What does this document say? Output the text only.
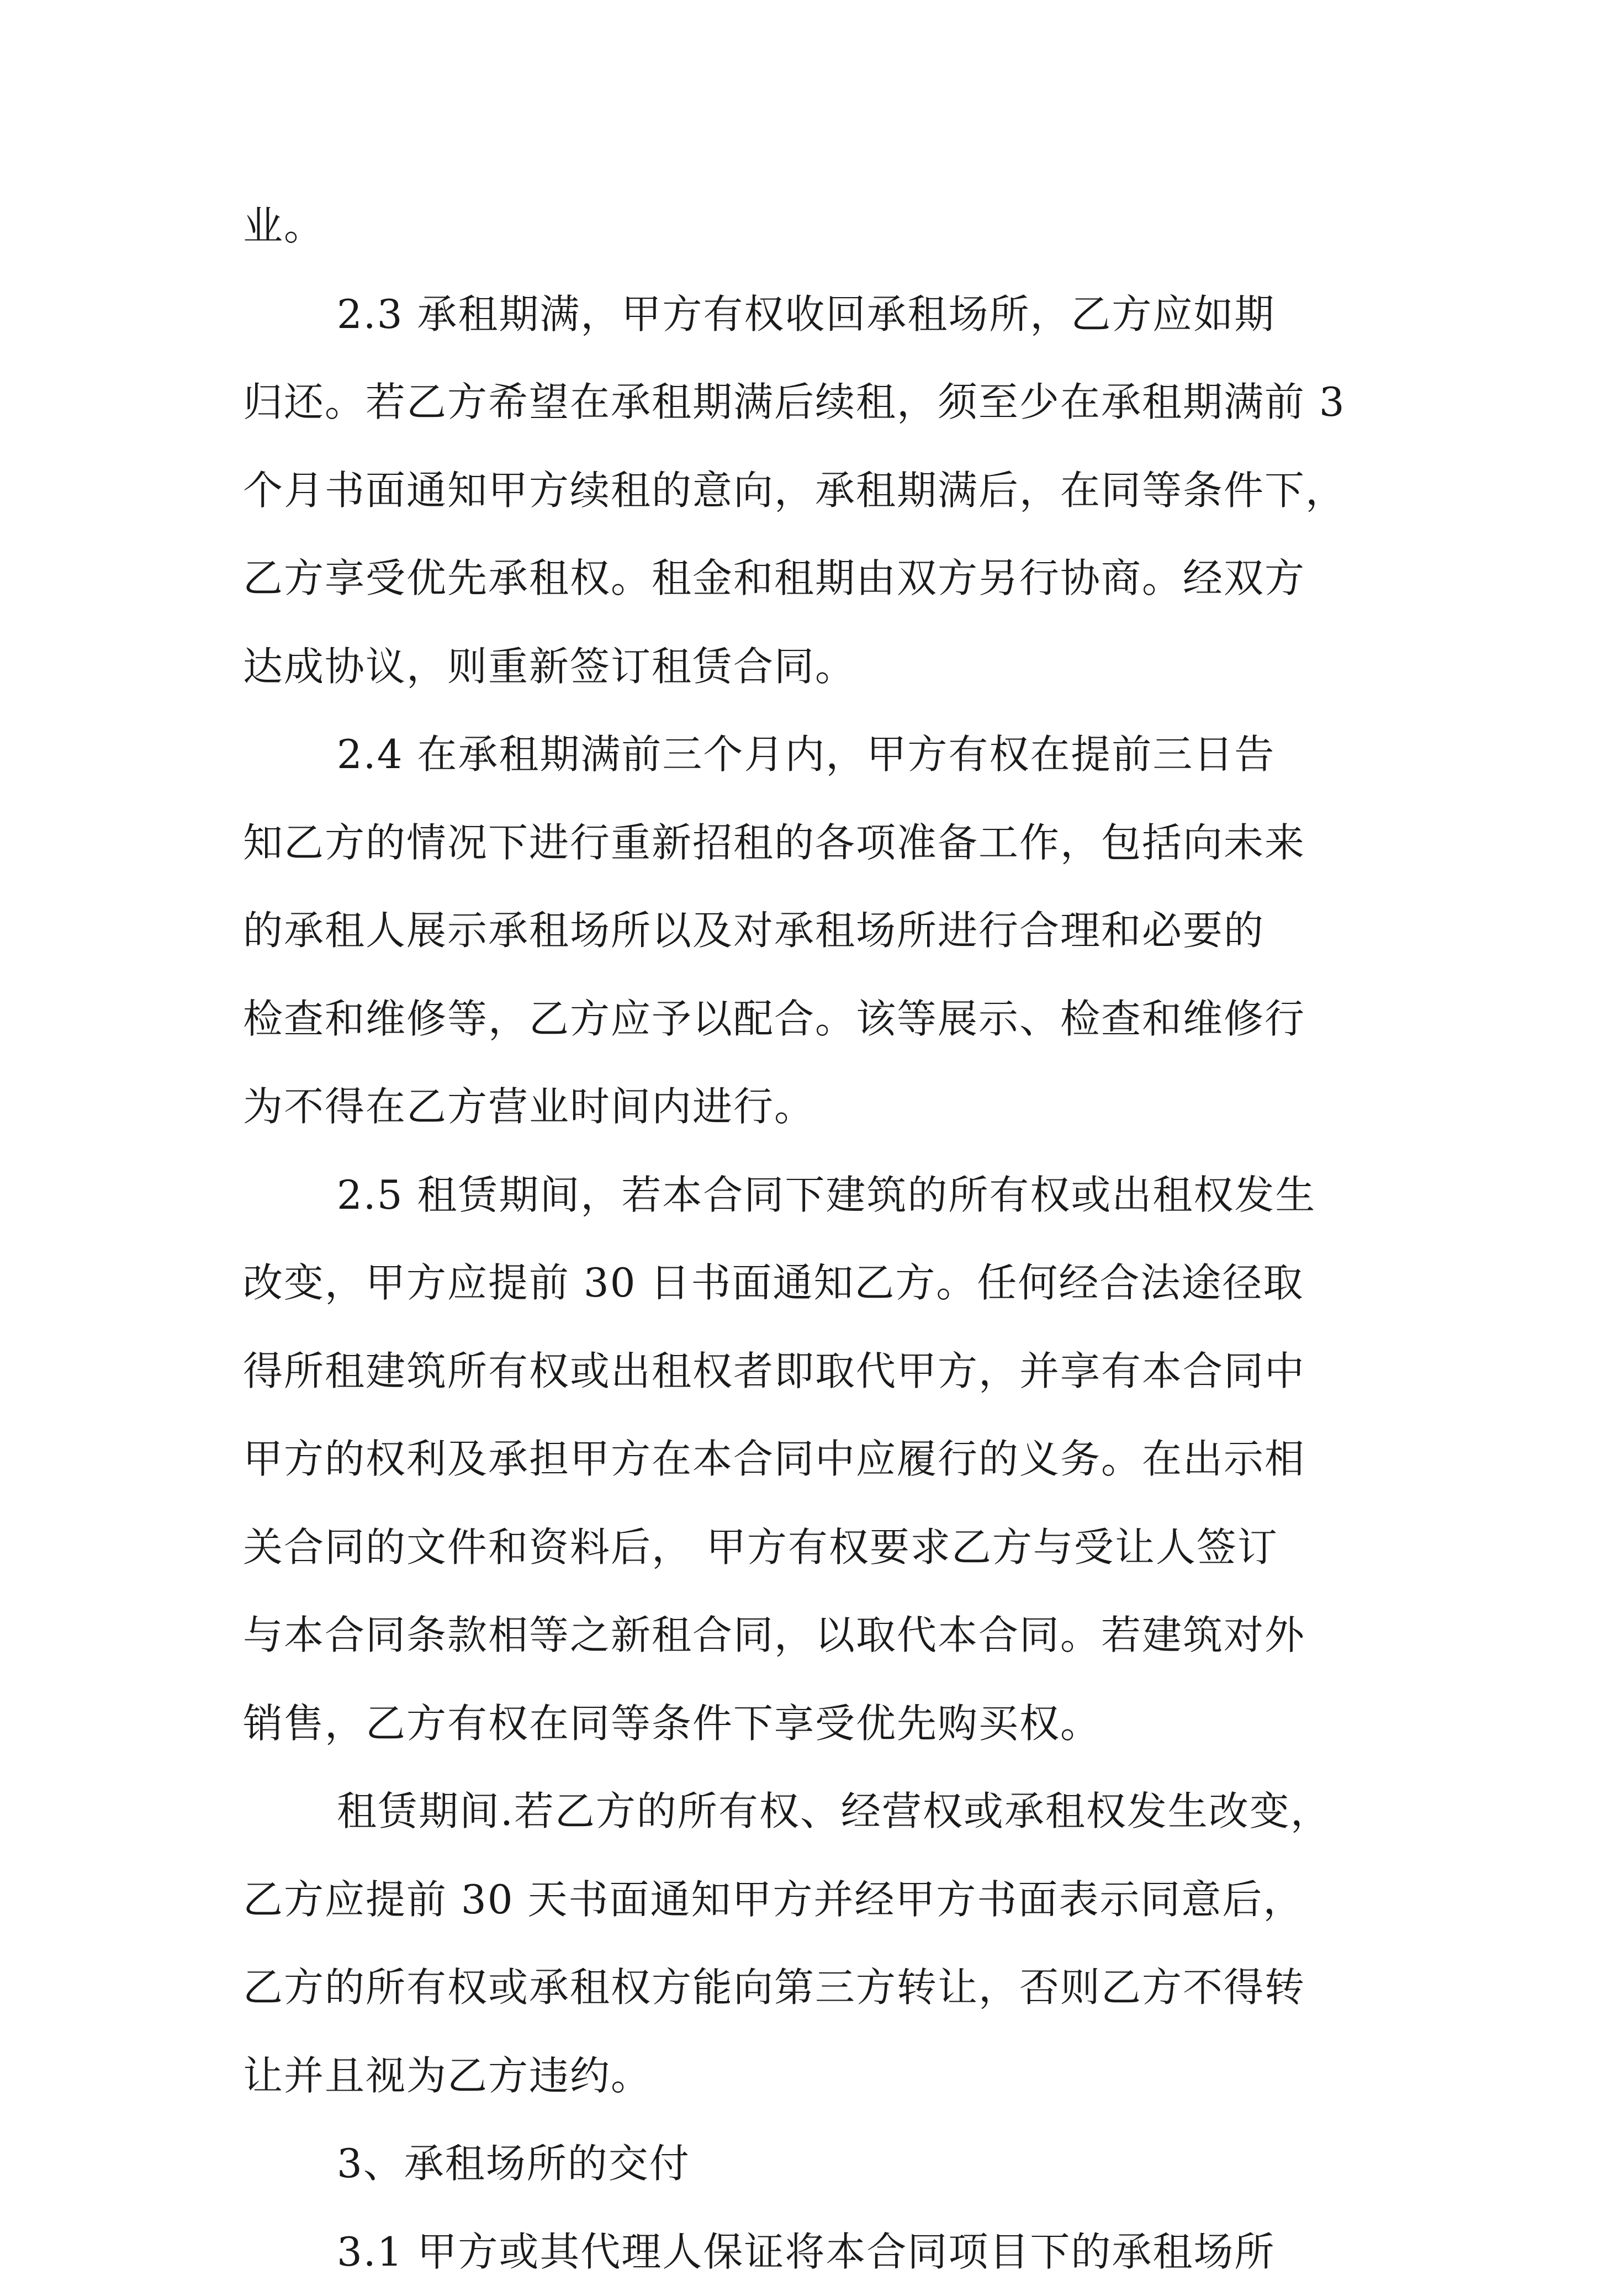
业。
2.3 承租期满，甲方有权收回承租场所，乙方应如期
归还。若乙方希望在承租期满后续租，须至少在承租期满前 3
个月书面通知甲方续租的意向，承租期满后，在同等条件下，
乙方享受优先承租权。租金和租期由双方另行协商。经双方
达成协议，则重新签订租赁合同。
2.4 在承租期满前三个月内，甲方有权在提前三日告
知乙方的情况下进行重新招租的各项准备工作，包括向未来
的承租人展示承租场所以及对承租场所进行合理和必要的
检查和维修等，乙方应予以配合。该等展示、检查和维修行
为不得在乙方营业时间内进行。
2.5 租赁期间，若本合同下建筑的所有权或出租权发生
改变，甲方应提前 30 日书面通知乙方。任何经合法途径取
得所租建筑所有权或出租权者即取代甲方，并享有本合同中
甲方的权利及承担甲方在本合同中应履行的义务。在出示相
关合同的文件和资料后， 甲方有权要求乙方与受让人签订
与本合同条款相等之新租合同，以取代本合同。若建筑对外
销售，乙方有权在同等条件下享受优先购买权。
租赁期间.若乙方的所有权、经营权或承租权发生改变，
乙方应提前 30 天书面通知甲方并经甲方书面表示同意后，
乙方的所有权或承租权方能向第三方转让，否则乙方不得转
让并且视为乙方违约。
3、承租场所的交付
3.1 甲方或其代理人保证将本合同项目下的承租场所
